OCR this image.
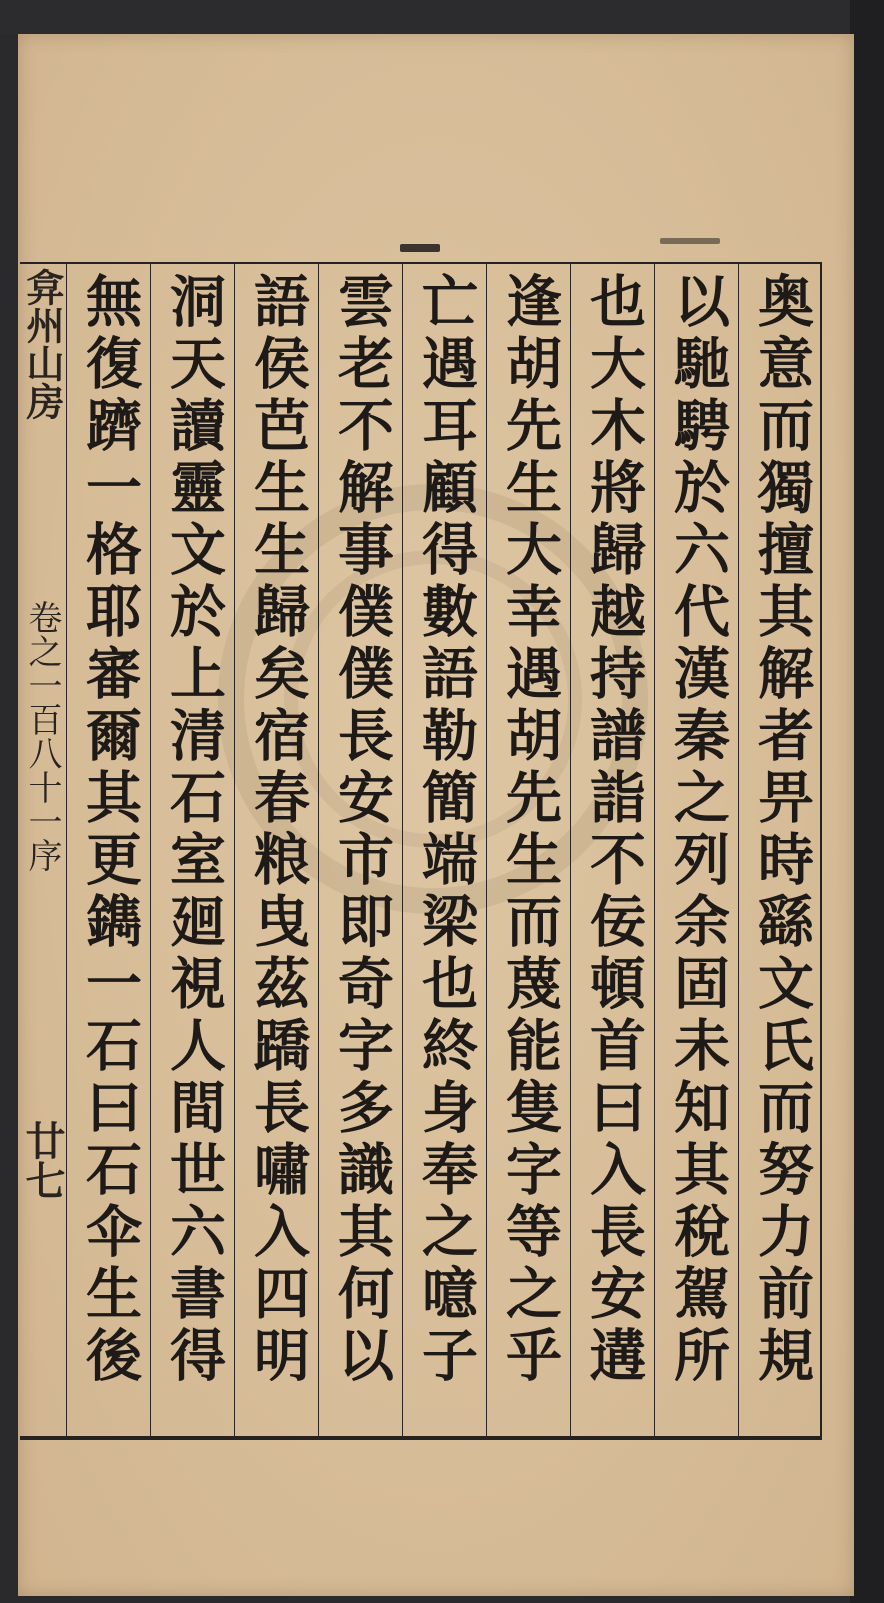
弇州山房
卷之一百八十一序
廿七	奥意而獨擅其解者畀時繇文氏而努力前規
以馳騁於六代漢秦之列余固未知其稅駕所
也大木將歸越持譜詣不佞頓首曰入長安遘
逢胡先生大幸遇胡先生而蔑能隻字等之乎
亡遇耳顧得數語勒簡端梁也終身奉之噫子
雲老不解事僕僕長安市即奇字多識其何以
語侯芭生生歸矣宿春粮曳茲蹻長嘯入四明
洞天讀靈文於上清石室廻視人間世六書得
無復躋一格耶審爾其更鐫一石曰石伞生後
